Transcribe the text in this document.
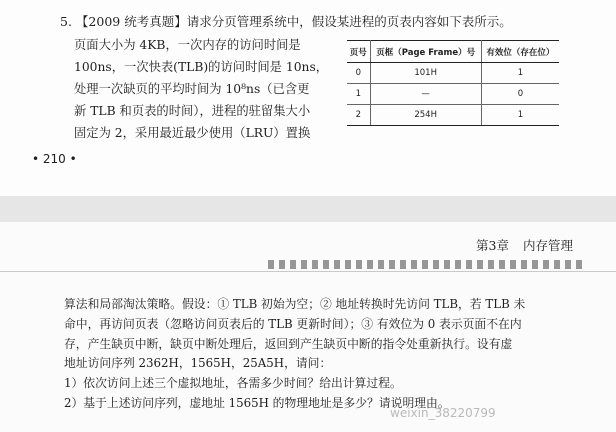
5. 【2009 统考真题】请求分页管理系统中，假设某进程的页表内容如下表所示。
页面大小为 4KB，一次内存的访问时间是
100ns，一次快表(TLB)的访问时间是 10ns，
处理一次缺页的平均时间为 10⁸ns（已含更
新 TLB 和页表的时间），进程的驻留集大小
固定为 2，采用最近最少使用（LRU）置换
页号	页框（Page Frame）号	有效位（存在位）
0	101H	1
1	—	0
2	254H	1
• 210 •
第3章 内存管理
算法和局部淘汰策略。假设：① TLB 初始为空；② 地址转换时先访问 TLB，若 TLB 未
命中，再访问页表（忽略访问页表后的 TLB 更新时间）；③ 有效位为 0 表示页面不在内
存，产生缺页中断，缺页中断处理后，返回到产生缺页中断的指令处重新执行。设有虚
地址访问序列 2362H，1565H，25A5H，请问：
1）依次访问上述三个虚拟地址，各需多少时间？给出计算过程。
2）基于上述访问序列，虚地址 1565H 的物理地址是多少？请说明理由。
weixin_38220799
